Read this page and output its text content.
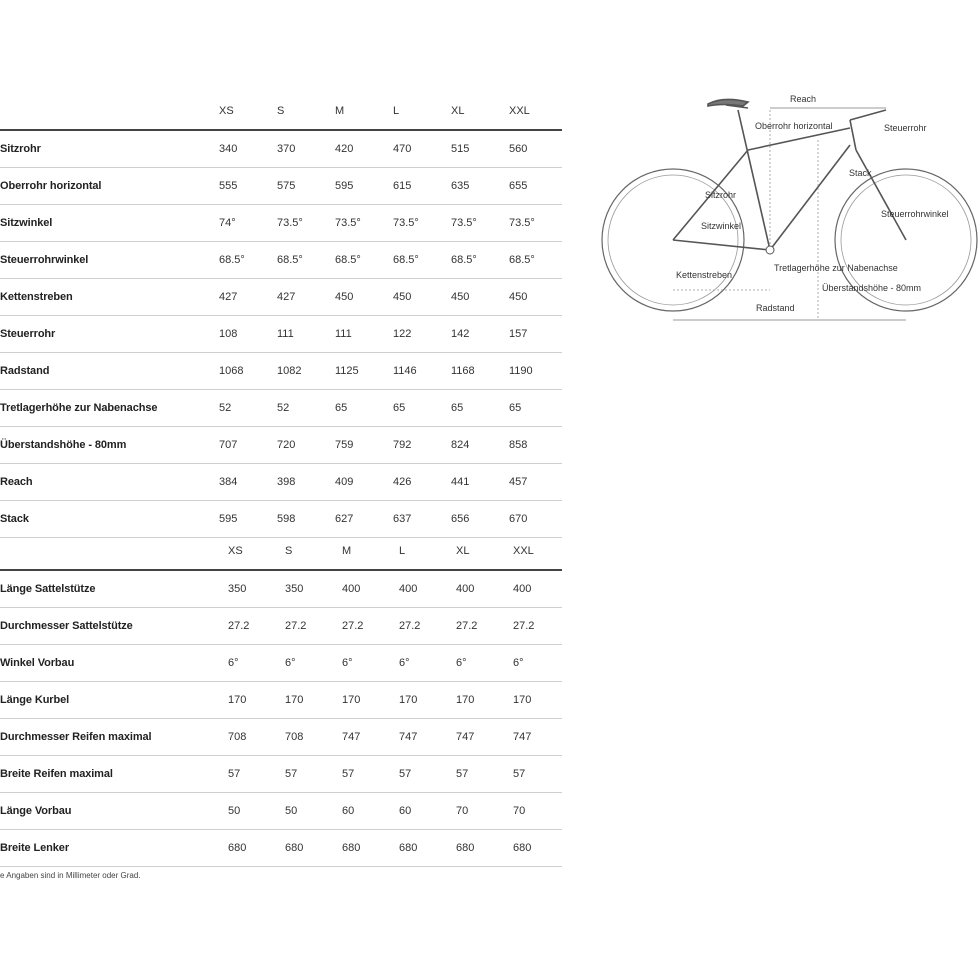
	XS	S	M	L	XL	XXL
Sitzrohr	340	370	420	470	515	560
Oberrohr horizontal	555	575	595	615	635	655
Sitzwinkel	74°	73.5°	73.5°	73.5°	73.5°	73.5°
Steuerrohrwinkel	68.5°	68.5°	68.5°	68.5°	68.5°	68.5°
Kettenstreben	427	427	450	450	450	450
Steuerrohr	108	111	111	122	142	157
Radstand	1068	1082	1125	1146	1168	1190
Tretlagerhöhe zur Nabenachse	52	52	65	65	65	65
Überstandshöhe - 80mm	707	720	759	792	824	858
Reach	384	398	409	426	441	457
Stack	595	598	627	637	656	670
	XS	S	M	L	XL	XXL
Länge Sattelstütze	350	350	400	400	400	400
Durchmesser Sattelstütze	27.2	27.2	27.2	27.2	27.2	27.2
Winkel Vorbau	6°	6°	6°	6°	6°	6°
Länge Kurbel	170	170	170	170	170	170
Durchmesser Reifen maximal	708	708	747	747	747	747
Breite Reifen maximal	57	57	57	57	57	57
Länge Vorbau	50	50	60	60	70	70
Breite Lenker	680	680	680	680	680	680
e Angaben sind in Millimeter oder Grad.
Reach
Oberrohr horizontal	Steuerrohr
Stack
Sitzrohr
Sitzwinkel
Steuerrohrwinkel
Kettenstreben
Tretlagerhöhe zur Nabenachse
Überstandshöhe - 80mm
Radstand
